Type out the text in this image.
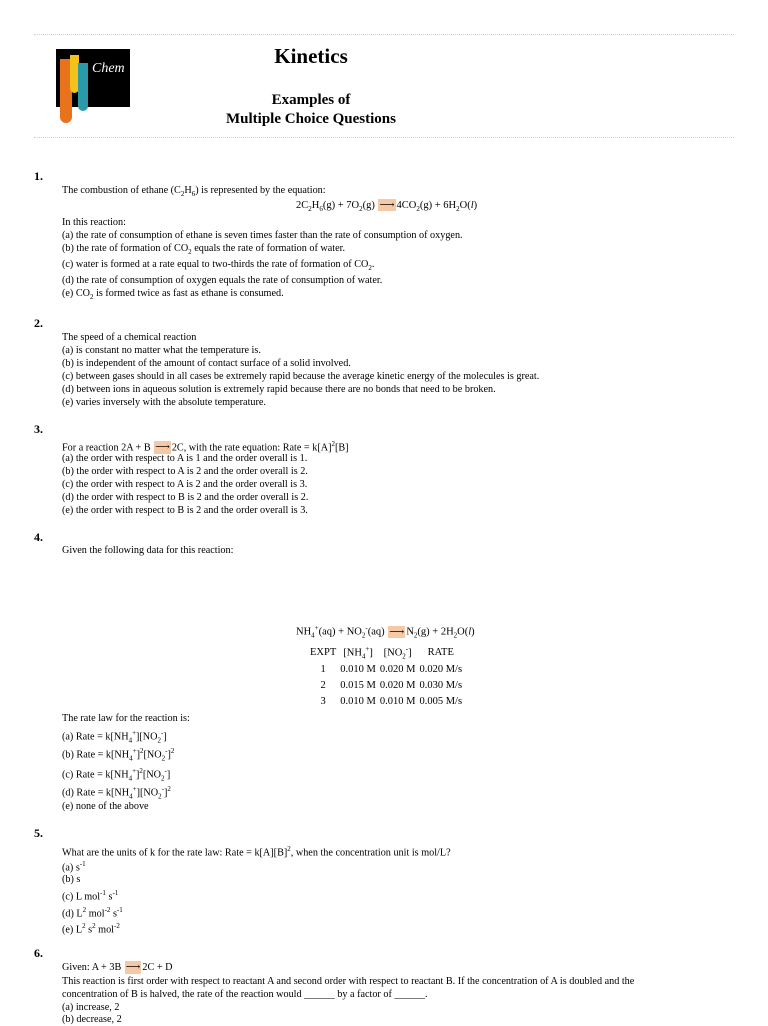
Chem
Kinetics
Examples of
Multiple Choice Questions
1.
The combustion of ethane $(C_2H_6)$ is represented by the equation:
$2C_2H_6(g) + 7O_2(g)$ ⟶ $4CO_2(g) + 6H_2O(l)$
In this reaction:
(a) the rate of consumption of ethane is seven times faster than the rate of consumption of oxygen.
(b) the rate of formation of $CO_2$ equals the rate of formation of water.
(c) water is formed at a rate equal to two-thirds the rate of formation of $CO_2$.
(d) the rate of consumption of oxygen equals the rate of consumption of water.
(e) $CO_2$ is formed twice as fast as ethane is consumed.
2.
The speed of a chemical reaction
(a) is constant no matter what the temperature is.
(b) is independent of the amount of contact surface of a solid involved.
(c) between gases should in all cases be extremely rapid because the average kinetic energy of the molecules is great.
(d) between ions in aqueous solution is extremely rapid because there are no bonds that need to be broken.
(e) varies inversely with the absolute temperature.
3.
For a reaction 2A + B ⟶ 2C, with the rate equation: Rate = $k[A]^2[B]$
(a) the order with respect to A is 1 and the order overall is 1.
(b) the order with respect to A is 2 and the order overall is 2.
(c) the order with respect to A is 2 and the order overall is 3.
(d) the order with respect to B is 2 and the order overall is 2.
(e) the order with respect to B is 2 and the order overall is 3.
4.
Given the following data for this reaction:
$NH_4^+(aq) + NO_2^-(aq)$ ⟶ $N_2(g) + 2H_2O(l)$
EXPT	$[NH_4^+]$	$[NO_2^-]$	RATE
1	0.010 M	0.020 M	0.020 M/s
2	0.015 M	0.020 M	0.030 M/s
3	0.010 M	0.010 M	0.005 M/s
The rate law for the reaction is:
(a) Rate = $k[NH_4^+][NO_2^-]$
(b) Rate = $k[NH_4^+]^2[NO_2^-]^2$
(c) Rate = $k[NH_4^+]^2[NO_2^-]$
(d) Rate = $k[NH_4^+][NO_2^-]^2$
(e) none of the above
5.
What are the units of k for the rate law: Rate = $k[A][B]^2$, when the concentration unit is mol/L?
(a) $s^{-1}$
(b) s
(c) L mol$^{-1}$ $s^{-1}$
(d) $L^2$ mol$^{-2}$ $s^{-1}$
(e) $L^2$ $s^2$ mol$^{-2}$
6.
Given: A + 3B ⟶ 2C + D
This reaction is first order with respect to reactant A and second order with respect to reactant B. If the concentration of A is doubled and the
concentration of B is halved, the rate of the reaction would ______ by a factor of ______.
(a) increase, 2
(b) decrease, 2
